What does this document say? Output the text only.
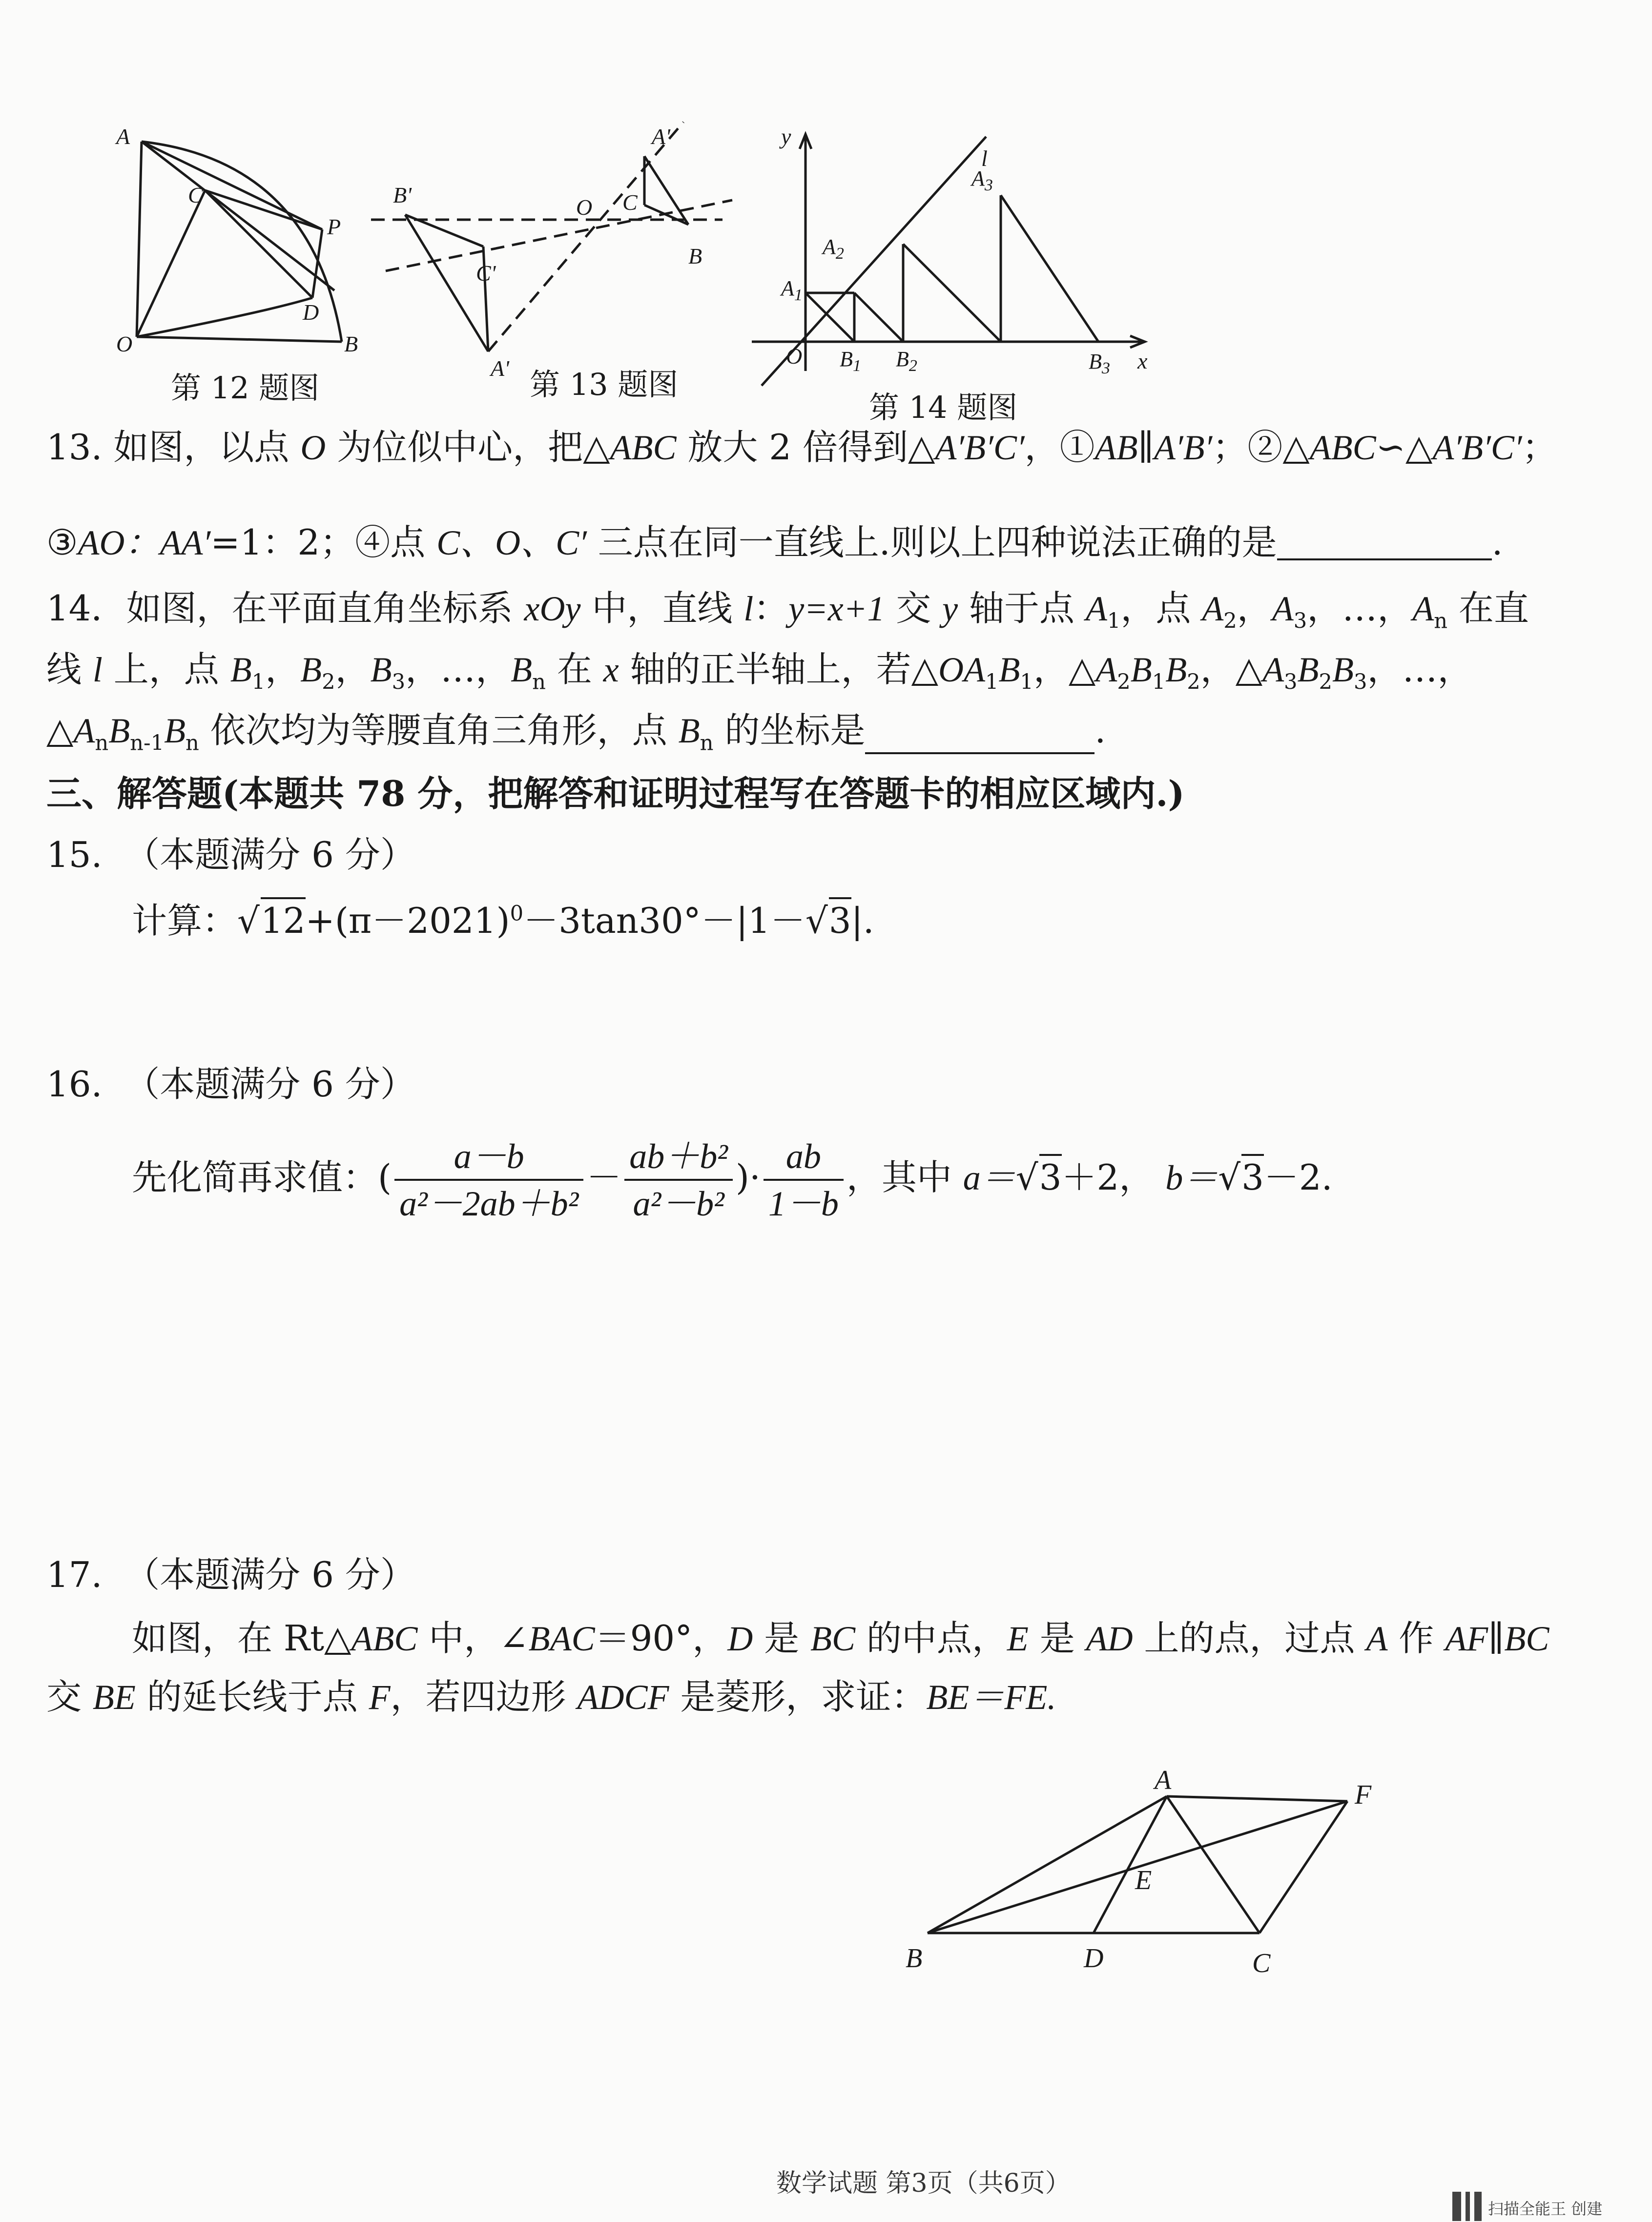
A
C
P
D
O	B
第 12 题图
A'
B'	O C
B
C'
A' 第 13 题图
y
l
O	x
$A_1$
$A_2$
$A_3$
$B_1$ $B_2$	$B_3$
第 14 题图
13. 如图，以点 O 为位似中心，把△ABC 放大 2 倍得到△A′B′C′，①AB∥A′B′；②△ABC∽△A′B′C′；
③AO：AA′=1：2；④点 C、O、C′ 三点在同一直线上.则以上四种说法正确的是	.
14．如图，在平面直角坐标系 xOy 中，直线 l：y=x+1 交 y 轴于点 $A_1$，点 $A_2$，$A_3$，…，$A_n$ 在直
线 l 上，点 $B_1$，$B_2$，$B_3$，…，$B_n$ 在 x 轴的正半轴上，若$\triangle OA_1B_1$，$\triangle A_2B_1B_2$，$\triangle A_3B_2B_3$，…，
$\triangle A_nB_{n-1}B_n$ 依次均为等腰直角三角形，点 $B_n$ 的坐标是	.
三、解答题(本题共 78 分，把解答和证明过程写在答题卡的相应区域内.)
15. （本题满分 6 分）
计算：$√12+(\pi-2021)^0-3\tan 30^\circ-|1-√3|$.
16. （本题满分 6 分）
先化简再求值：( $\frac{a-b}{\text{a²－2ab＋b²}} - \frac{\text{ab＋b²}}{\text{a²－b²}}$ )· $\frac{ab}{1-b}$ ，其中 a＝√3＋2， b＝√3－2.
17. （本题满分 6 分）
如图，在 Rt△ABC 中，∠BAC＝90°，D 是 BC 的中点，E 是 AD 上的点，过点 A 作 AF∥BC
交 BE 的延长线于点 F，若四边形 ADCF 是菱形，求证：BE＝FE.
A	F
E
B	D	C
数学试题 第3页（共6页）
扫描全能王 创建
